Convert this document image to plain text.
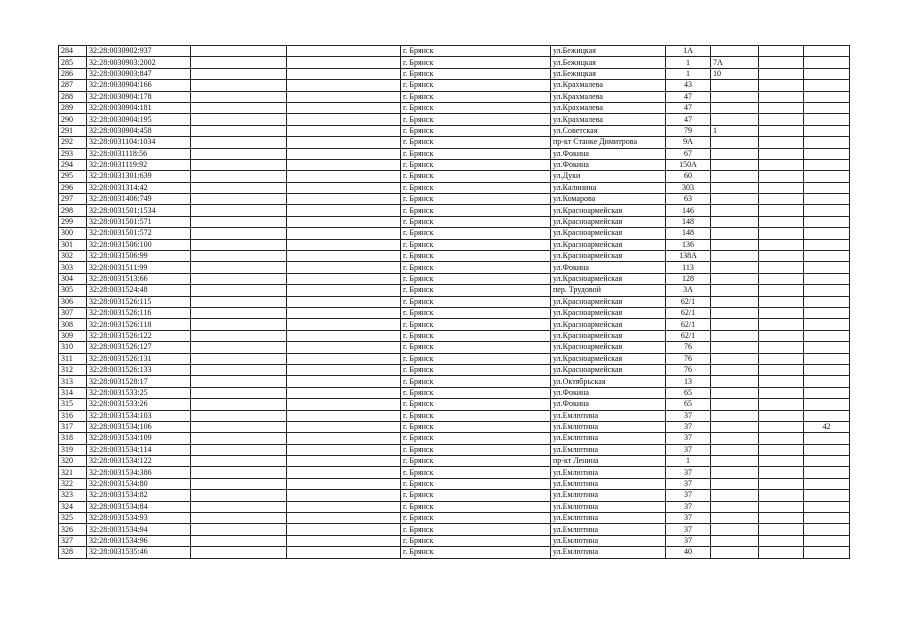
284	32:28:0030902:937			г. Брянск	ул.Бежицкая	1А			
285	32:28:0030903:2002			г. Брянск	ул.Бежицкая	1	7А		
286	32:28:0030903:847			г. Брянск	ул.Бежицкая	1	10		
287	32:28:0030904:166			г. Брянск	ул.Крахмалева	43			
288	32:28:0030904:178			г. Брянск	ул.Крахмалева	47			
289	32:28:0030904:181			г. Брянск	ул.Крахмалева	47			
290	32:28:0030904:195			г. Брянск	ул.Крахмалева	47			
291	32:28:0030904:458			г. Брянск	ул.Советская	79	1		
292	32:28:0031104:1034			г. Брянск	пр-кт Станке Димитрова	9А			
293	32:28:0031118:56			г. Брянск	ул.Фокина	67			
294	32:28:0031119:92			г. Брянск	ул.Фокина	150А			
295	32:28:0031301:639			г. Брянск	ул.Дуки	60			
296	32:28:0031314:42			г. Брянск	ул.Калинина	303			
297	32:28:0031406:749			г. Брянск	ул.Комарова	63			
298	32:28:0031501:1534			г. Брянск	ул.Красноармейская	146			
299	32:28:0031501:571			г. Брянск	ул.Красноармейская	148			
300	32:28:0031501:572			г. Брянск	ул.Красноармейская	148			
301	32:28:0031506:100			г. Брянск	ул.Красноармейская	136			
302	32:28:0031506:99			г. Брянск	ул.Красноармейская	138А			
303	32:28:0031511:99			г. Брянск	ул.Фокина	113			
304	32:28:0031513:66			г. Брянск	ул.Красноармейская	128			
305	32:28:0031524:48			г. Брянск	пер. Трудовой	3А			
306	32:28:0031526:115			г. Брянск	ул.Красноармейская	62/1			
307	32:28:0031526:116			г. Брянск	ул.Красноармейская	62/1			
308	32:28:0031526:118			г. Брянск	ул.Красноармейская	62/1			
309	32:28:0031526:122			г. Брянск	ул.Красноармейская	62/1			
310	32:28:0031526:127			г. Брянск	ул.Красноармейская	76			
311	32:28:0031526:131			г. Брянск	ул.Красноармейская	76			
312	32:28:0031526:133			г. Брянск	ул.Красноармейская	76			
313	32:28:0031528:17			г. Брянск	ул.Октябрьская	13			
314	32:28:0031533:25			г. Брянск	ул.Фокина	65			
315	32:28:0031533:26			г. Брянск	ул.Фокина	65			
316	32:28:0031534:103			г. Брянск	ул.Емлютина	37			
317	32:28:0031534:106			г. Брянск	ул.Емлютина	37			42
318	32:28:0031534:109			г. Брянск	ул.Емлютина	37			
319	32:28:0031534:114			г. Брянск	ул.Емлютина	37			
320	32:28:0031534:122			г. Брянск	пр-кт Ленина	1			
321	32:28:0031534:386			г. Брянск	ул.Емлютина	37			
322	32:28:0031534:80			г. Брянск	ул.Емлютина	37			
323	32:28:0031534:82			г. Брянск	ул.Емлютина	37			
324	32:28:0031534:84			г. Брянск	ул.Емлютина	37			
325	32:28:0031534:93			г. Брянск	ул.Емлютина	37			
326	32:28:0031534:94			г. Брянск	ул.Емлютина	37			
327	32:28:0031534:96			г. Брянск	ул.Емлютина	37			
328	32:28:0031535:46			г. Брянск	ул.Емлютина	40			
